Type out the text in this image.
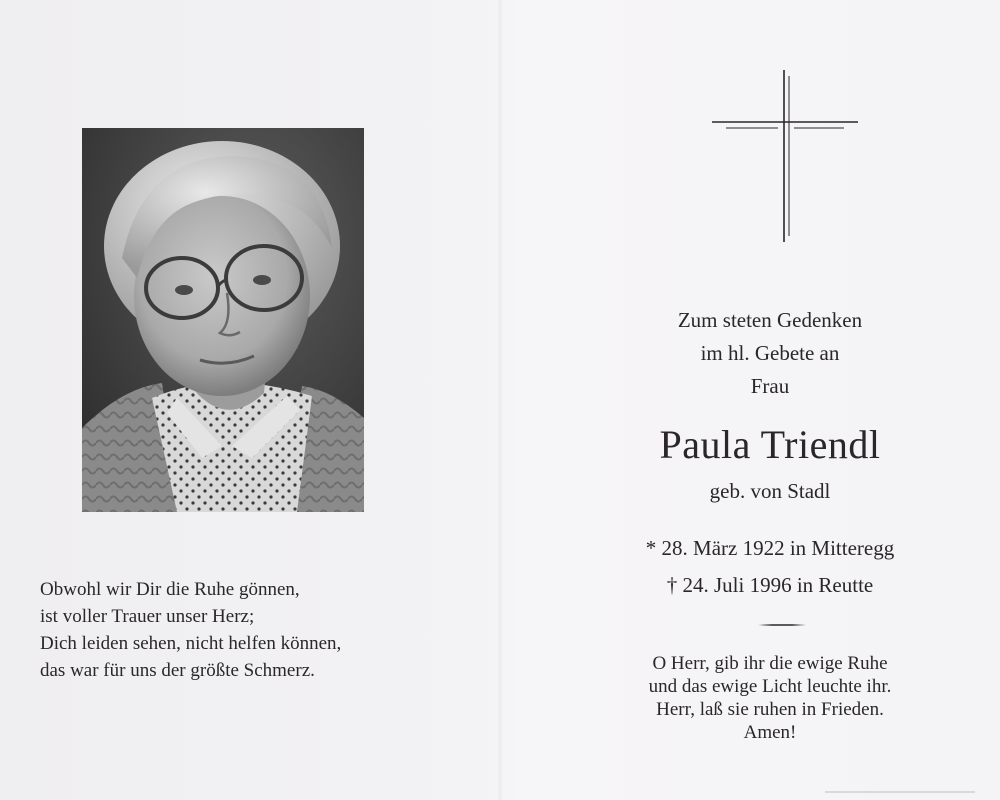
Obwohl wir Dir die Ruhe gönnen,
ist voller Trauer unser Herz;
Dich leiden sehen, nicht helfen können,
das war für uns der größte Schmerz.
Zum steten Gedenken
im hl. Gebete an
Frau
Paula Triendl
geb. von Stadl
* 28. März 1922 in Mitteregg
† 24. Juli 1996 in Reutte
O Herr, gib ihr die ewige Ruhe
und das ewige Licht leuchte ihr.
Herr, laß sie ruhen in Frieden.
Amen!
